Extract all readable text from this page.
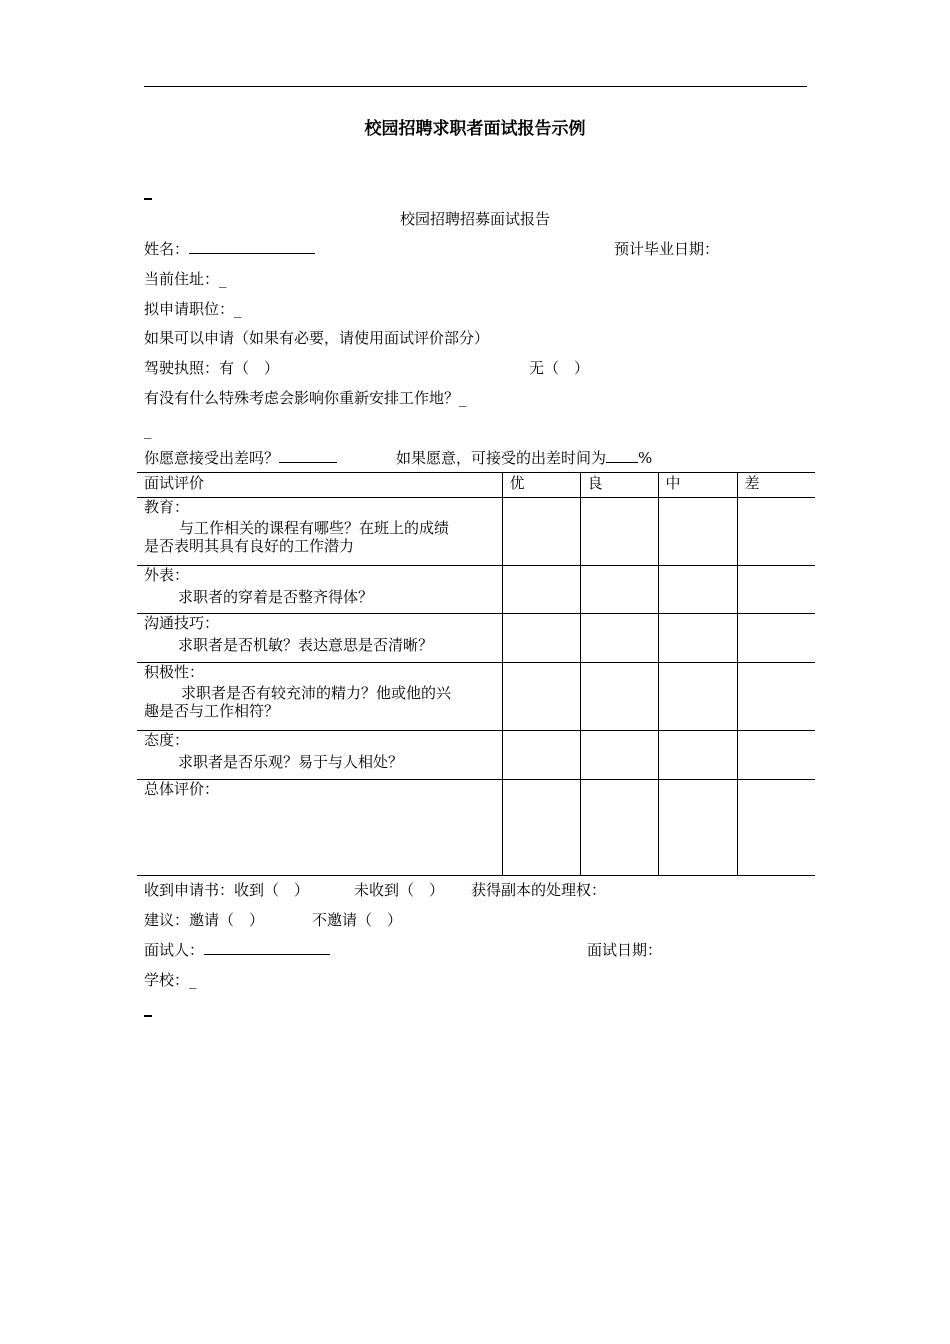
校园招聘求职者面试报告示例
校园招聘招募面试报告
姓名：	预计毕业日期：
当前住址：_
拟申请职位：_
如果可以申请（如果有必要，请使用面试评价部分）
驾驶执照：有（　）	无（　）
有没有什么特殊考虑会影响你重新安排工作地？_
_
你愿意接受出差吗？	如果愿意，可接受的出差时间为 %
面试评价	优	良	中	差

教育：
与工作相关的课程有哪些？在班上的成绩
是否表明其具有良好的工作潜力				

外表：
求职者的穿着是否整齐得体？				

沟通技巧：
求职者是否机敏？表达意思是否清晰？				

积极性：
求职者是否有较充沛的精力？他或他的兴
趣是否与工作相符？				

态度：
求职者是否乐观？易于与人相处？				

总体评价：				

收到申请书：收到（　）	未收到（　） 获得副本的处理权：
建议：邀请（　）	不邀请（　）
面试人：	面试日期：
学校：_
